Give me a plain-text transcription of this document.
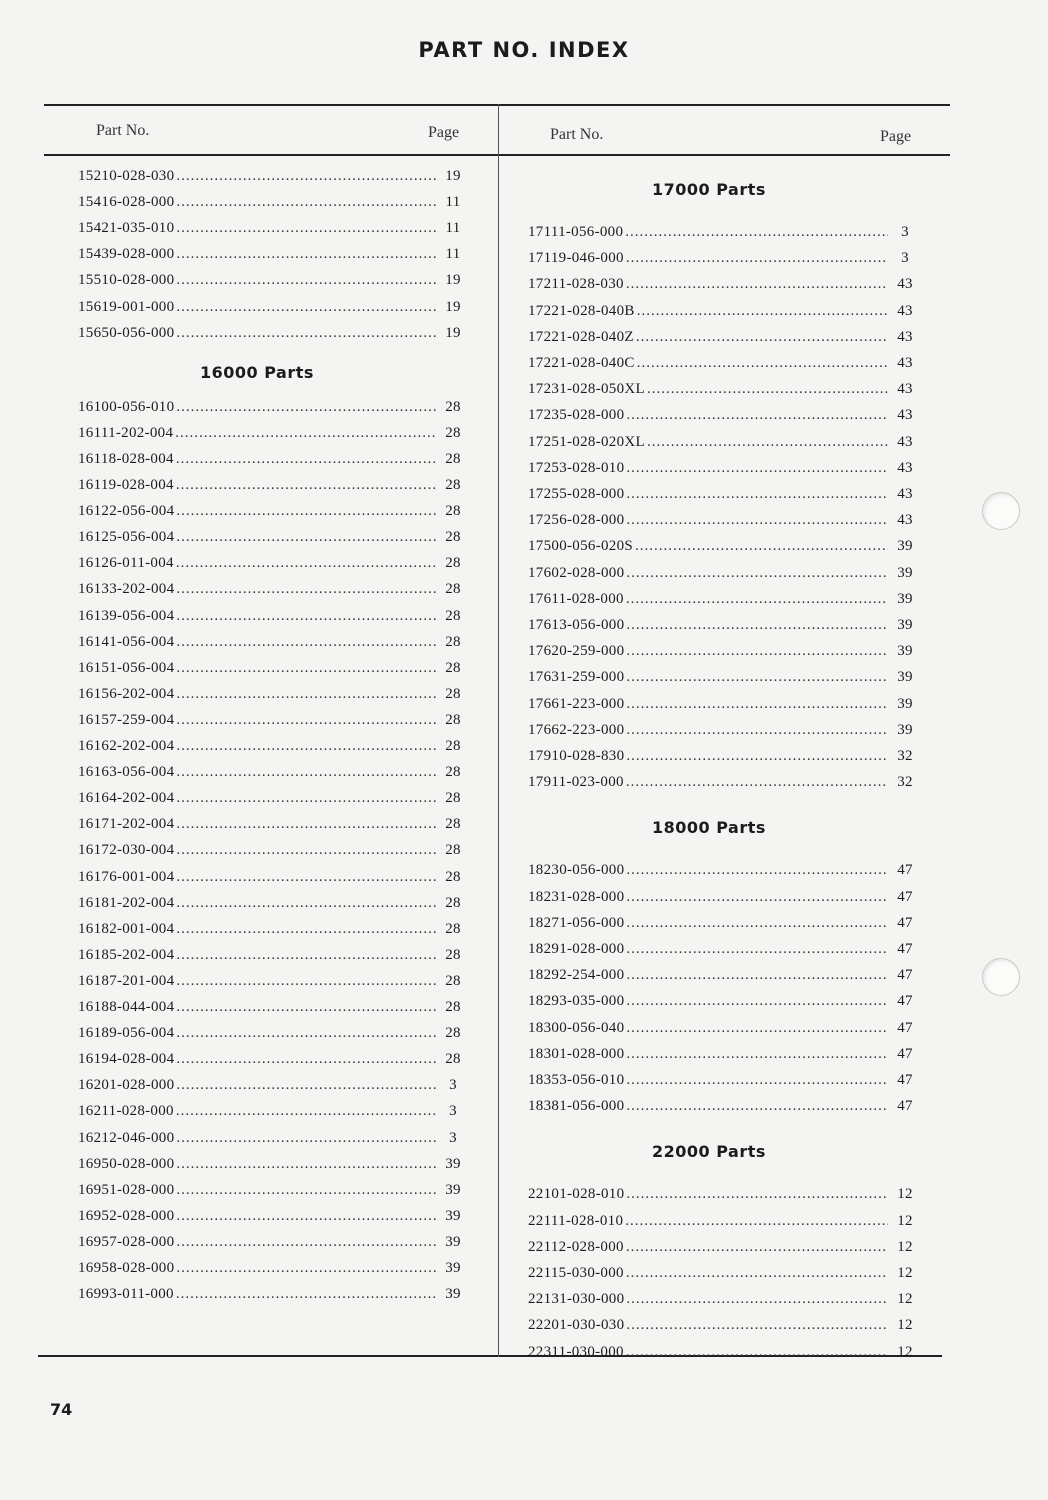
PART NO. INDEX
Part No.	Page	Part No.	Page
15210-028-030 .....	19
15416-028-000 .....	11
15421-035-010 .....	11
15439-028-000 .....	11
15510-028-000 .....	19
15619-001-000 .....	19
15650-056-000 .....	19
16000 Parts
16100-056-010 .....	28
16111-202-004 .....	28
16118-028-004 .....	28
16119-028-004 .....	28
16122-056-004 .....	28
16125-056-004 .....	28
16126-011-004 .....	28
16133-202-004 .....	28
16139-056-004 .....	28
16141-056-004 .....	28
16151-056-004 .....	28
16156-202-004 .....	28
16157-259-004 .....	28
16162-202-004 .....	28
16163-056-004 .....	28
16164-202-004 .....	28
16171-202-004 .....	28
16172-030-004 .....	28
16176-001-004 .....	28
16181-202-004 .....	28
16182-001-004 .....	28
16185-202-004 .....	28
16187-201-004 .....	28
16188-044-004 .....	28
16189-056-004 .....	28
16194-028-004 .....	28
16201-028-000 .....	3
16211-028-000 .....	3
16212-046-000 .....	3
16950-028-000 .....	39
16951-028-000 .....	39
16952-028-000 .....	39
16957-028-000 .....	39
16958-028-000 .....	39
16993-011-000 .....	39
17000 Parts
17111-056-000 .....	3
17119-046-000 .....	3
17211-028-030 .....	43
17221-028-040B .....	43
17221-028-040Z .....	43
17221-028-040C .....	43
17231-028-050XL .....	43
17235-028-000 .....	43
17251-028-020XL .....	43
17253-028-010 .....	43
17255-028-000 .....	43
17256-028-000 .....	43
17500-056-020S .....	39
17602-028-000 .....	39
17611-028-000 .....	39
17613-056-000 .....	39
17620-259-000 .....	39
17631-259-000 .....	39
17661-223-000 .....	39
17662-223-000 .....	39
17910-028-830 .....	32
17911-023-000 .....	32
18000 Parts
18230-056-000 .....	47
18231-028-000 .....	47
18271-056-000 .....	47
18291-028-000 .....	47
18292-254-000 .....	47
18293-035-000 .....	47
18300-056-040 .....	47
18301-028-000 .....	47
18353-056-010 .....	47
18381-056-000 .....	47
22000 Parts
22101-028-010 .....	12
22111-028-010 .....	12
22112-028-000 .....	12
22115-030-000 .....	12
22131-030-000 .....	12
22201-030-030 .....	12
22311-030-000 .....	12
74
